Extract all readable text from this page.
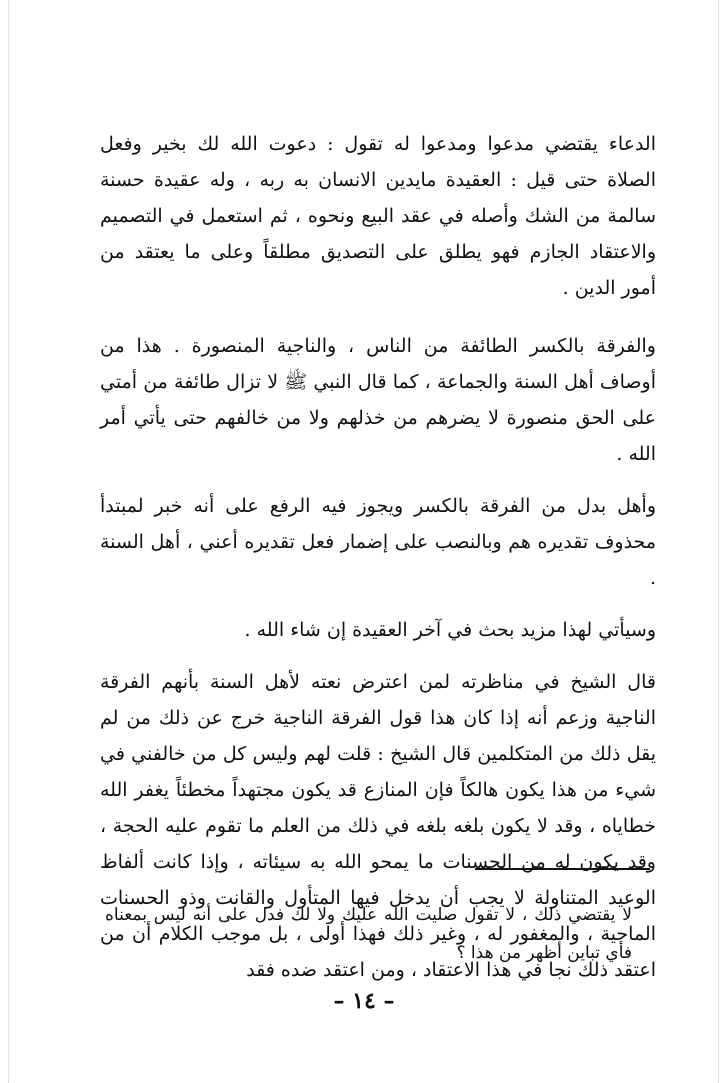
الدعاء يقتضي مدعوا ومدعوا له تقول : دعوت الله لك بخير وفعل الصلاة حتى قيل : العقيدة مايدين الانسان به ربه ، وله عقيدة حسنة سالمة من الشك وأصله في عقد البيع ونحوه ، ثم استعمل في التصميم والاعتقاد الجازم فهو يطلق على التصديق مطلقاً وعلى ما يعتقد من أمور الدين .

والفرقة بالكسر الطائفة من الناس ، والناجية المنصورة . هذا من أوصاف أهل السنة والجماعة ، كما قال النبي ﷺ لا تزال طائفة من أمتي على الحق منصورة لا يضرهم من خذلهم ولا من خالفهم حتى يأتي أمر الله .

وأهل بدل من الفرقة بالكسر ويجوز فيه الرفع على أنه خبر لمبتدأ محذوف تقديره هم وبالنصب على إضمار فعل تقديره أعني ، أهل السنة .

وسيأتي لهذا مزيد بحث في آخر العقيدة إن شاء الله .

قال الشيخ في مناظرته لمن اعترض نعته لأهل السنة بأنهم الفرقة الناجية وزعم أنه إذا كان هذا قول الفرقة الناجية خرج عن ذلك من لم يقل ذلك من المتكلمين قال الشيخ : قلت لهم وليس كل من خالفني في شيء من هذا يكون هالكاً فإن المنازع قد يكون مجتهداً مخطئاً يغفر الله خطاياه ، وقد لا يكون بلغه بلغه في ذلك من العلم ما تقوم عليه الحجة ، وقد يكون له من الحسنات ما يمحو الله به سيئاته ، وإذا كانت ألفاظ الوعيد المتناولة لا يجب أن يدخل فيها المتأول والقانت وذو الحسنات الماحية ، والمغفور له ، وغير ذلك فهذا أولى ، بل موجب الكلام أن من اعتقد ذلك نجا في هذا الاعتقاد ، ومن اعتقد ضده فقد

لا يقتضي ذلك ، لا تقول صليت الله عليك ولا لك فدل على أنه ليس بمعناه فأي تباين أظهر من هذا ؟

– ١٤ –
